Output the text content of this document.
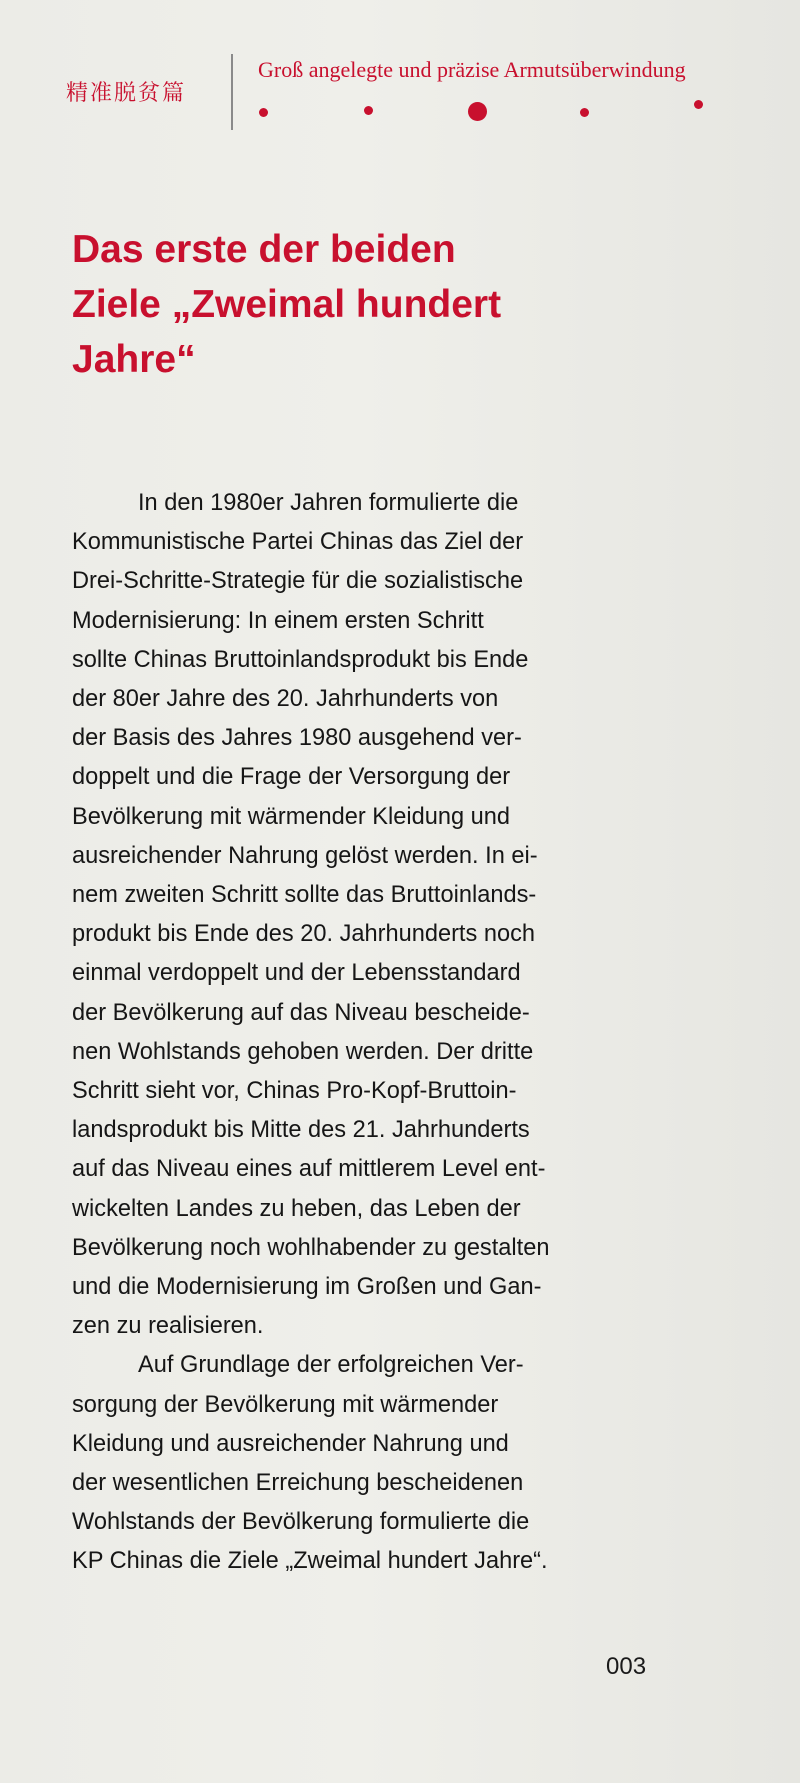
精准脱贫篇
Groß angelegte und präzise Armutsüberwindung
Das erste der beiden
Ziele „Zweimal hundert
Jahre“

In den 1980er Jahren formulierte die
Kommunistische Partei Chinas das Ziel der
Drei-Schritte-Strategie für die sozialistische
Modernisierung: In einem ersten Schritt
sollte Chinas Bruttoinlandsprodukt bis Ende
der 80er Jahre des 20. Jahrhunderts von
der Basis des Jahres 1980 ausgehend ver-
doppelt und die Frage der Versorgung der
Bevölkerung mit wärmender Kleidung und
ausreichender Nahrung gelöst werden. In ei-
nem zweiten Schritt sollte das Bruttoinlands-
produkt bis Ende des 20. Jahrhunderts noch
einmal verdoppelt und der Lebensstandard
der Bevölkerung auf das Niveau bescheide-
nen Wohlstands gehoben werden. Der dritte
Schritt sieht vor, Chinas Pro-Kopf-Bruttoin-
landsprodukt bis Mitte des 21. Jahrhunderts
auf das Niveau eines auf mittlerem Level ent-
wickelten Landes zu heben, das Leben der
Bevölkerung noch wohlhabender zu gestalten
und die Modernisierung im Großen und Gan-
zen zu realisieren.

Auf Grundlage der erfolgreichen Ver-
sorgung der Bevölkerung mit wärmender
Kleidung und ausreichender Nahrung und
der wesentlichen Erreichung bescheidenen
Wohlstands der Bevölkerung formulierte die
KP Chinas die Ziele „Zweimal hundert Jahre“.

003
